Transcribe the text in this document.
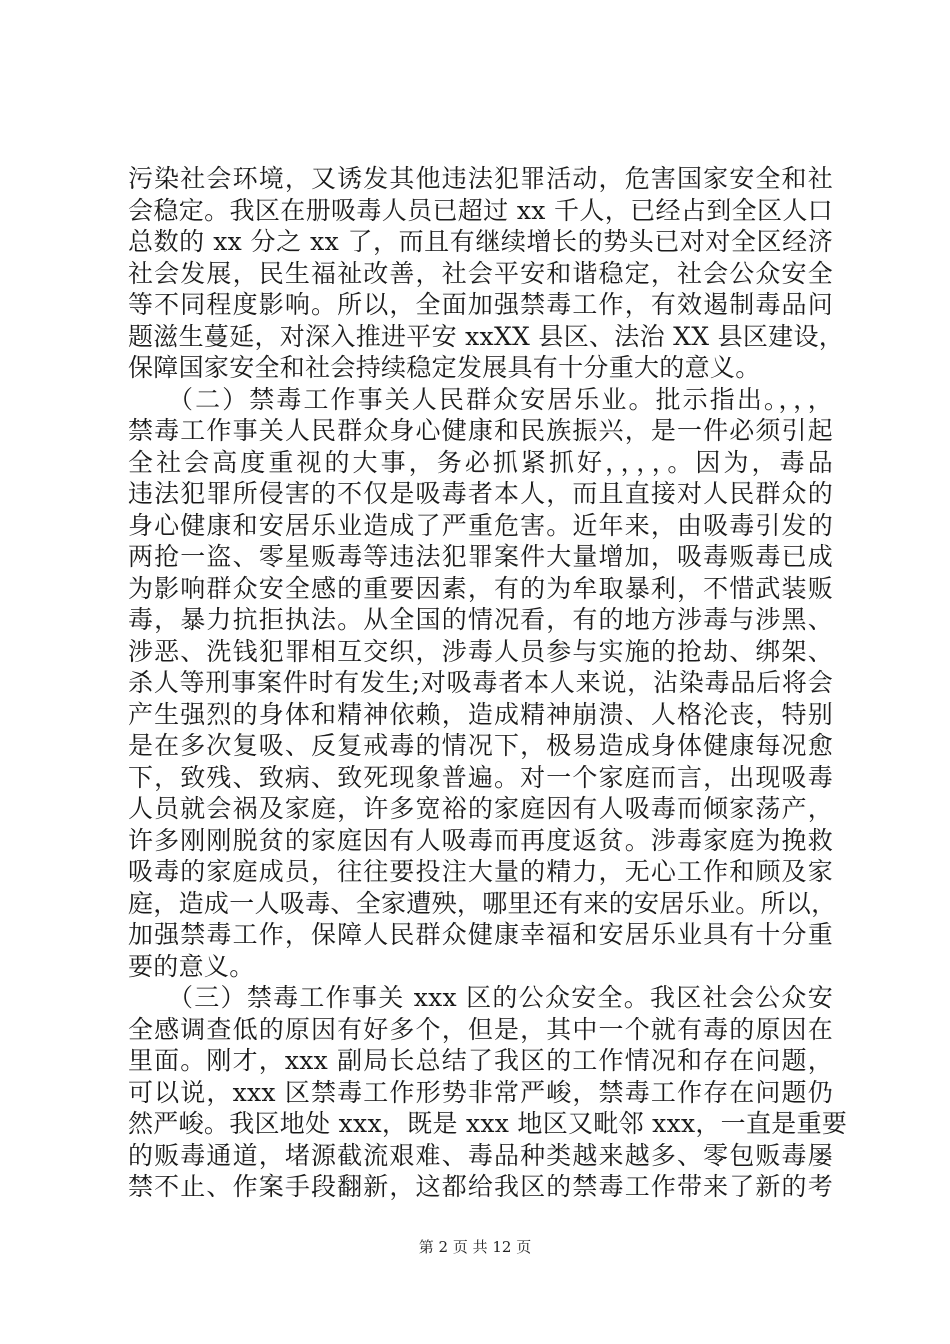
污染社会环境，又诱发其他违法犯罪活动，危害国家安全和社
会稳定。我区在册吸毒人员已超过 xx 千人，已经占到全区人口
总数的 xx 分之 xx 了，而且有继续增长的势头已对对全区经济
社会发展，民生福祉改善，社会平安和谐稳定，社会公众安全
等不同程度影响。所以，全面加强禁毒工作，有效遏制毒品问
题滋生蔓延，对深入推进平安 xxXX 县区、法治 XX 县区建设，
保障国家安全和社会持续稳定发展具有十分重大的意义。
（二）禁毒工作事关人民群众安居乐业。批示指出。，，，
禁毒工作事关人民群众身心健康和民族振兴，是一件必须引起
全社会高度重视的大事，务必抓紧抓好，，，，。因为，毒品
违法犯罪所侵害的不仅是吸毒者本人，而且直接对人民群众的
身心健康和安居乐业造成了严重危害。近年来，由吸毒引发的
两抢一盗、零星贩毒等违法犯罪案件大量增加，吸毒贩毒已成
为影响群众安全感的重要因素，有的为牟取暴利，不惜武装贩
毒，暴力抗拒执法。从全国的情况看，有的地方涉毒与涉黑、
涉恶、洗钱犯罪相互交织，涉毒人员参与实施的抢劫、绑架、
杀人等刑事案件时有发生;对吸毒者本人来说，沾染毒品后将会
产生强烈的身体和精神依赖，造成精神崩溃、人格沦丧，特别
是在多次复吸、反复戒毒的情况下，极易造成身体健康每况愈
下，致残、致病、致死现象普遍。对一个家庭而言，出现吸毒
人员就会祸及家庭，许多宽裕的家庭因有人吸毒而倾家荡产，
许多刚刚脱贫的家庭因有人吸毒而再度返贫。涉毒家庭为挽救
吸毒的家庭成员，往往要投注大量的精力，无心工作和顾及家
庭，造成一人吸毒、全家遭殃，哪里还有来的安居乐业。所以，
加强禁毒工作，保障人民群众健康幸福和安居乐业具有十分重
要的意义。
（三）禁毒工作事关 xxx 区的公众安全。我区社会公众安
全感调查低的原因有好多个，但是，其中一个就有毒的原因在
里面。刚才，xxx 副局长总结了我区的工作情况和存在问题，
可以说，xxx 区禁毒工作形势非常严峻，禁毒工作存在问题仍
然严峻。我区地处 xxx，既是 xxx 地区又毗邻 xxx，一直是重要
的贩毒通道，堵源截流艰难、毒品种类越来越多、零包贩毒屡
禁不止、作案手段翻新，这都给我区的禁毒工作带来了新的考
第 2 页 共 12 页
